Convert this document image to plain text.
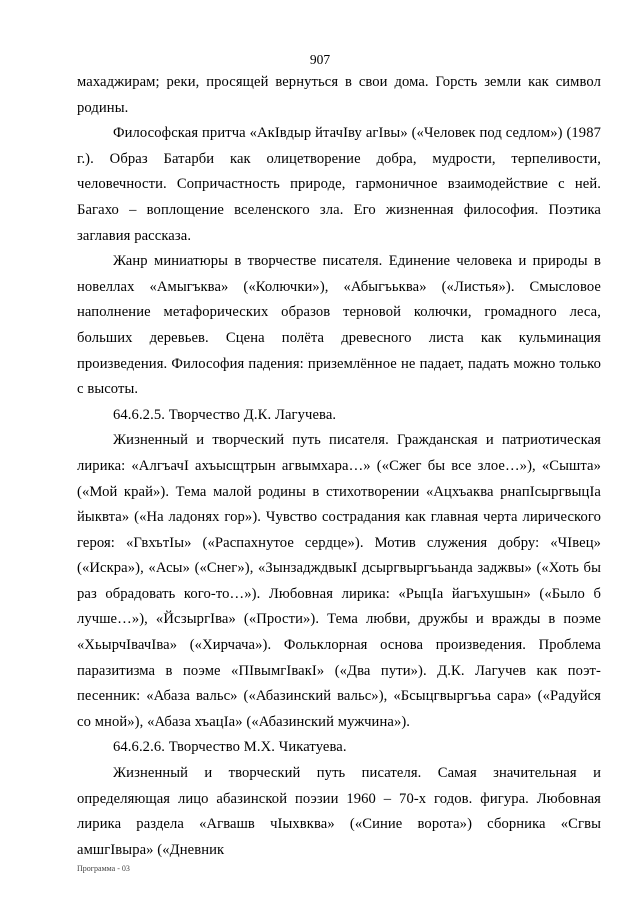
907

махаджирам; реки, просящей вернуться в свои дома. Горсть земли как символ родины.

Философская притча «АкIвдыр йтачIву агIвы» («Человек под седлом») (1987 г.). Образ Батарби как олицетворение добра, мудрости, терпеливости, человечности. Сопричастность природе, гармоничное взаимодействие с ней. Багахо – воплощение вселенского зла. Его жизненная философия. Поэтика заглавия рассказа.

Жанр миниатюры в творчестве писателя. Единение человека и природы в новеллах «Амыгъква» («Колючки»), «Абыгъьква» («Листья»). Смысловое наполнение метафорических образов терновой колючки, громадного леса, больших деревьев. Сцена полёта древесного листа как кульминация произведения. Философия падения: приземлённое не падает, падать можно только с высоты.

64.6.2.5. Творчество Д.К. Лагучева.

Жизненный и творческий путь писателя. Гражданская и патриотическая лирика: «АлгъачI ахъысщтрын агвымхара…» («Сжег бы все злое…»), «Сышта» («Мой край»). Тема малой родины в стихотворении «Ацхъаква рнапIсыргвыцIа йыквта» («На ладонях гор»). Чувство сострадания как главная черта лирического героя: «ГвхътIы» («Распахнутое сердце»). Мотив служения добру: «ЧIвец» («Искра»), «Асы» («Снег»), «ЗынзадждвыкI дсыргвыргъьанда заджвы» («Хоть бы раз обрадовать кого-то…»). Любовная лирика: «РыцIа йагъхушын» («Было б лучше…»), «ЙсзыргIва» («Прости»). Тема любви, дружбы и вражды в поэме «ХьырчIвачIва» («Хирчача»). Фольклорная основа произведения. Проблема паразитизма в поэме «ПIвымгIвакI» («Два пути»). Д.К. Лагучев как поэт-песенник: «Абаза вальс» («Абазинский вальс»), «Бсыцгвыргъьа сара» («Радуйся со мной»), «Абаза хъацIа» («Абазинский мужчина»).

64.6.2.6. Творчество М.Х. Чикатуева.

Жизненный и творческий путь писателя. Самая значительная и определяющая лицо абазинской поэзии 1960 – 70-х годов. фигура. Любовная лирика раздела «Агвашв чIыхвква» («Синие ворота») сборника «Сгвы амшгIвыра» («Дневник

Программа - 03
